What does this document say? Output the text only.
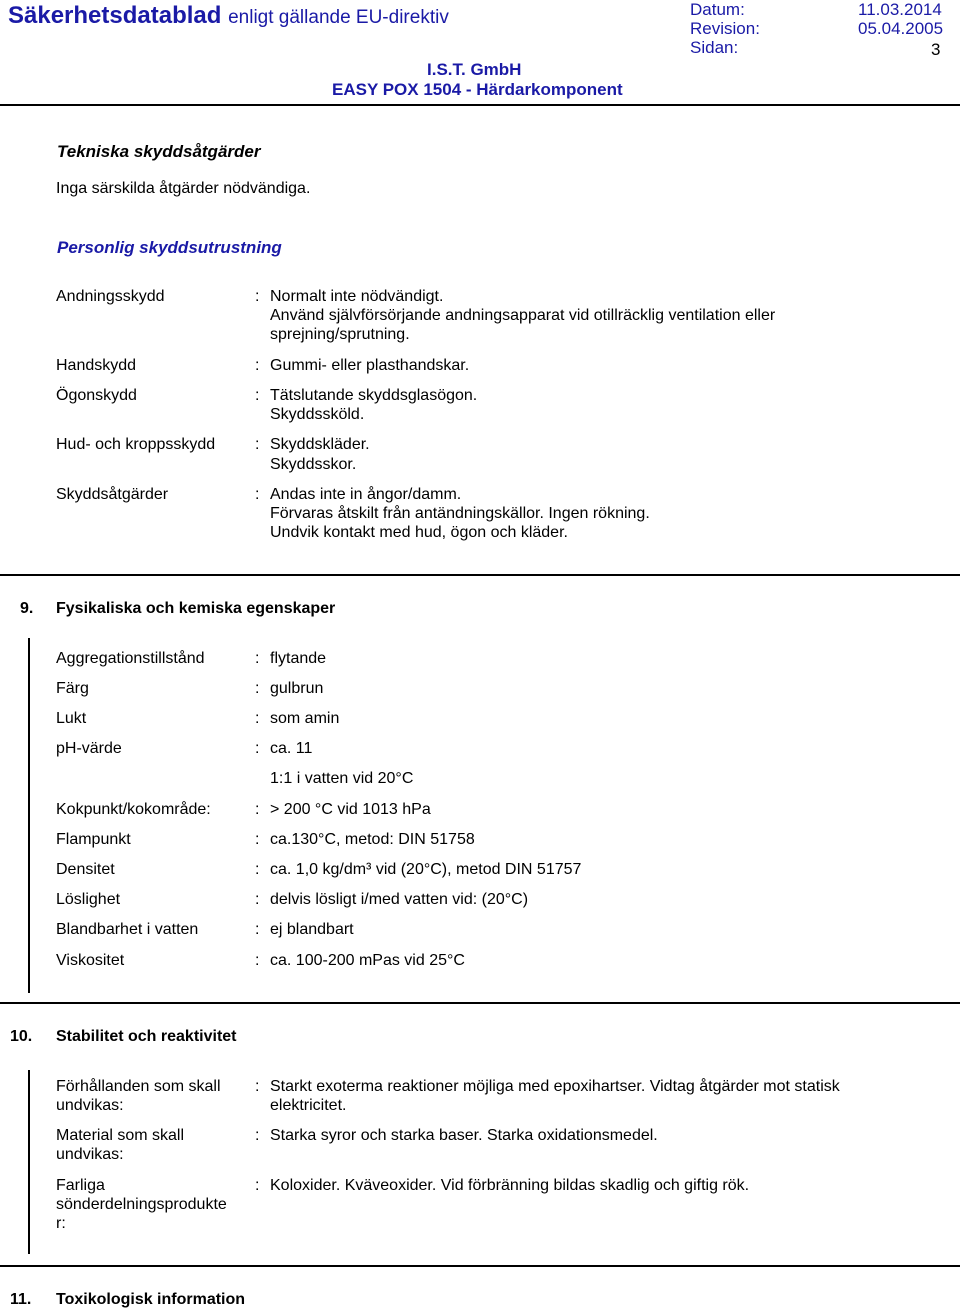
Säkerhetsdatablad enligt gällande EU-direktiv	Datum:	11.03.2014
Revision:	05.04.2005
Sidan:	3
I.S.T. GmbH
EASY POX 1504 - Härdarkomponent
Tekniska skyddsåtgärder
Inga särskilda åtgärder nödvändiga.
Personlig skyddsutrustning
Andningsskydd	: Normalt inte nödvändigt.
Använd självförsörjande andningsapparat vid otillräcklig ventilation eller
sprejning/sprutning.
Handskydd	: Gummi- eller plasthandskar.
Ögonskydd	: Tätslutande skyddsglasögon.
Skyddssköld.
Hud- och kroppsskydd : Skyddskläder.
Skyddsskor.
Skyddsåtgärder	: Andas inte in ångor/damm.
Förvaras åtskilt från antändningskällor. Ingen rökning.
Undvik kontakt med hud, ögon och kläder.
9. Fysikaliska och kemiska egenskaper
Aggregationstillstånd	: flytande
Färg	: gulbrun
Lukt	: som amin
pH-värde	: ca. 11
1:1 i vatten vid 20°C
Kokpunkt/kokområde:	: > 200 °C vid 1013 hPa
Flampunkt	: ca.130°C, metod: DIN 51758
Densitet	: ca. 1,0 kg/dm³ vid (20°C), metod DIN 51757
Löslighet	: delvis lösligt i/med vatten vid: (20°C)
Blandbarhet i vatten	: ej blandbart
Viskositet	: ca. 100-200 mPas vid 25°C
10. Stabilitet och reaktivitet
Förhållanden som skall
undvikas:
: Starkt exoterma reaktioner möjliga med epoxihartser. Vidtag åtgärder mot statisk
elektricitet.
Material som skall
undvikas:
: Starka syror och starka baser. Starka oxidationsmedel.
Farliga
sönderdelningsprodukte
r:
: Koloxider. Kväveoxider. Vid förbränning bildas skadlig och giftig rök.
11. Toxikologisk information
